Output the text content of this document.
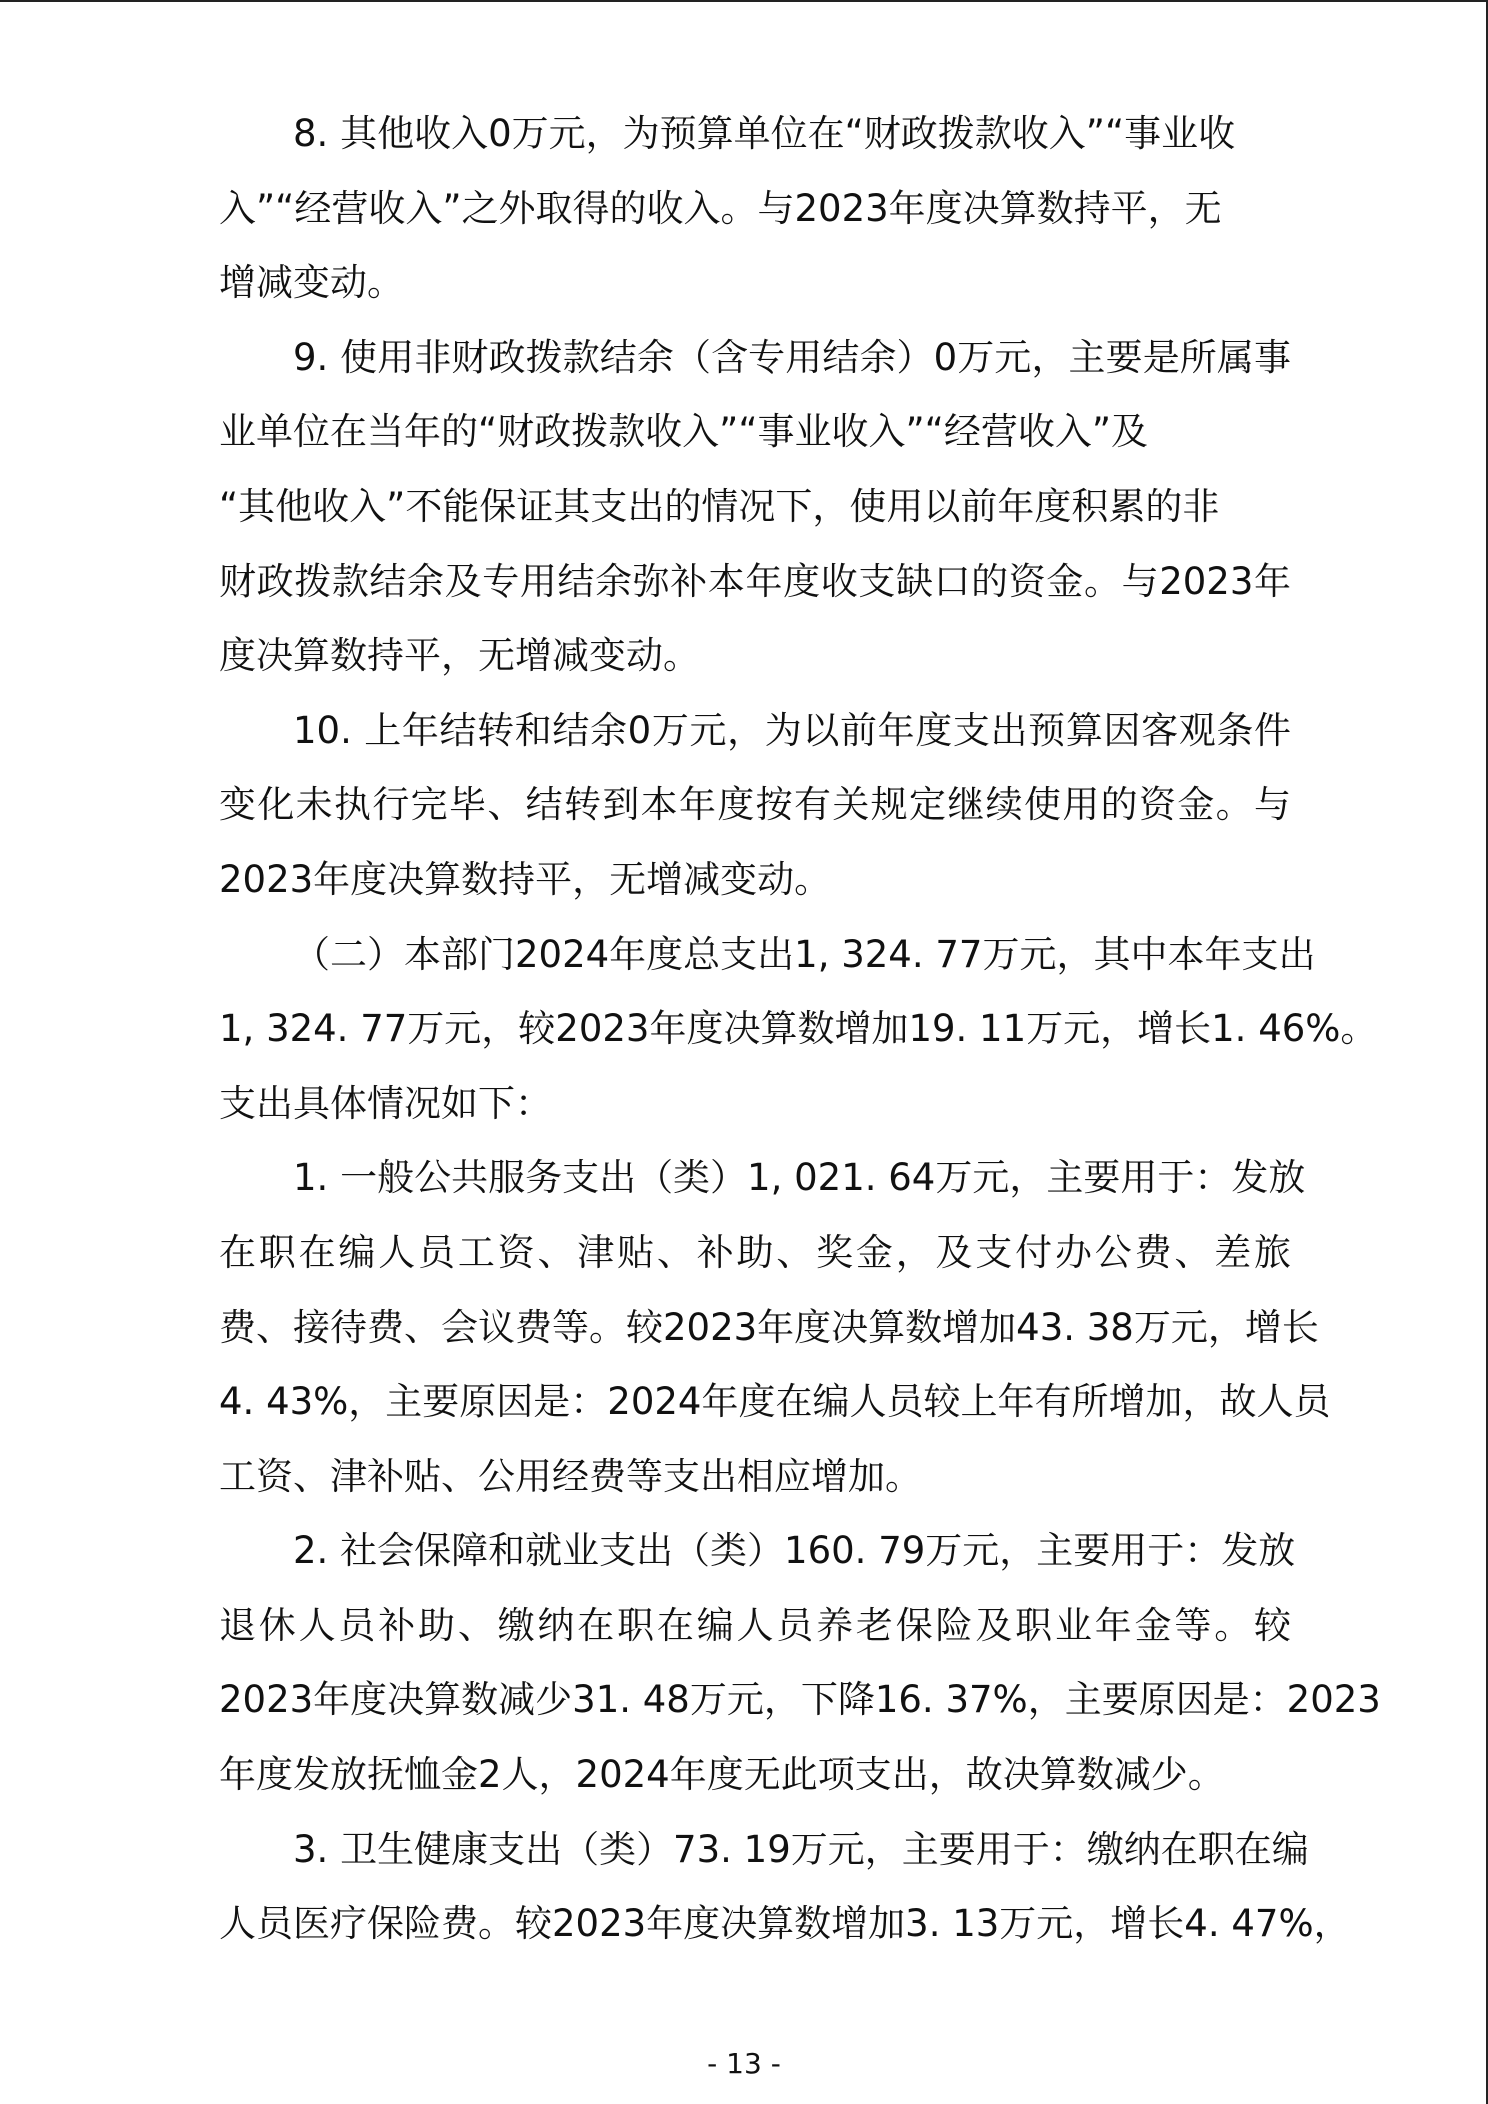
8. 其他收入0万元，为预算单位在“财政拨款收入”“事业收
入”“经营收入”之外取得的收入。与2023年度决算数持平，无
增减变动。
9. 使用非财政拨款结余（含专用结余）0万元，主要是所属事
业单位在当年的“财政拨款收入”“事业收入”“经营收入”及
“其他收入”不能保证其支出的情况下，使用以前年度积累的非
财政拨款结余及专用结余弥补本年度收支缺口的资金。与2023年
度决算数持平，无增减变动。
10. 上年结转和结余0万元，为以前年度支出预算因客观条件
变化未执行完毕、结转到本年度按有关规定继续使用的资金。与
2023年度决算数持平，无增减变动。
（二）本部门2024年度总支出1, 324. 77万元，其中本年支出
1, 324. 77万元，较2023年度决算数增加19. 11万元，增长1. 46%。
支出具体情况如下：
1. 一般公共服务支出（类）1, 021. 64万元，主要用于：发放
在职在编人员工资、津贴、补助、奖金，及支付办公费、差旅
费、接待费、会议费等。较2023年度决算数增加43. 38万元，增长
4. 43%，主要原因是：2024年度在编人员较上年有所增加，故人员
工资、津补贴、公用经费等支出相应增加。
2. 社会保障和就业支出（类）160. 79万元，主要用于：发放
退休人员补助、缴纳在职在编人员养老保险及职业年金等。较
2023年度决算数减少31. 48万元，下降16. 37%，主要原因是：2023
年度发放抚恤金2人，2024年度无此项支出，故决算数减少。
3. 卫生健康支出（类）73. 19万元，主要用于：缴纳在职在编
人员医疗保险费。较2023年度决算数增加3. 13万元，增长4. 47%，
- 13 -
